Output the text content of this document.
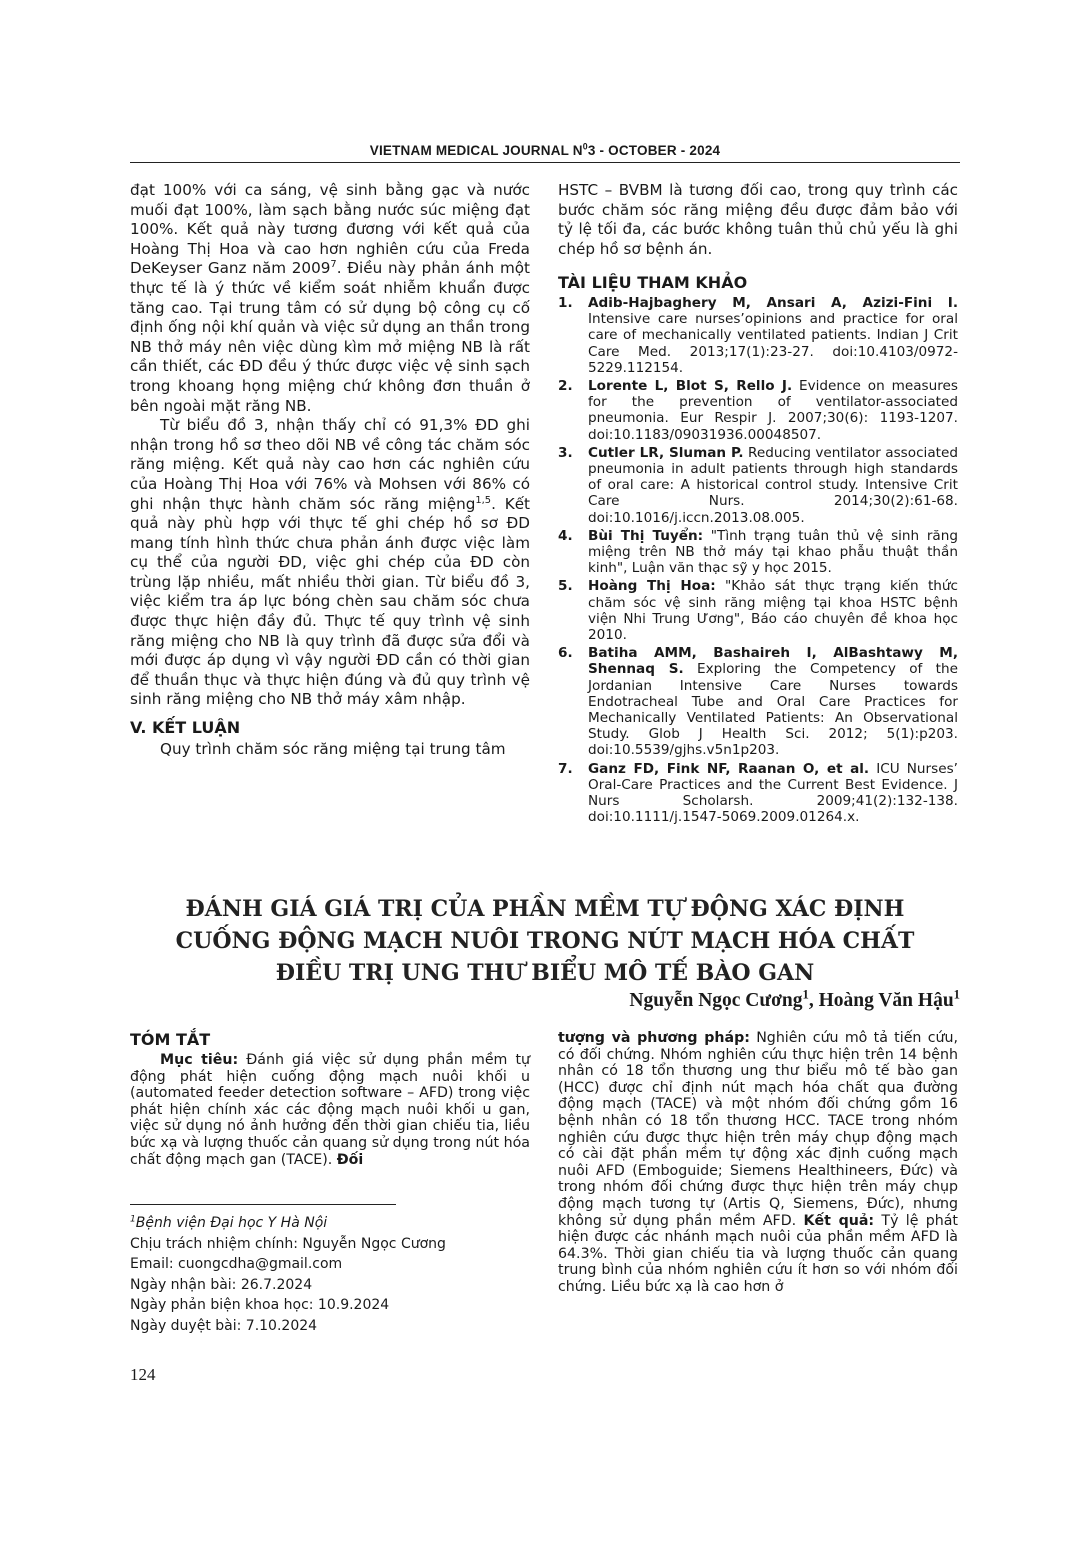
VIETNAM MEDICAL JOURNAL $N^03$ - OCTOBER - 2024

đạt 100% với ca sáng, vệ sinh bằng gạc và nước muối đạt 100%, làm sạch bằng nước súc miệng đạt 100%. Kết quả này tương đương với kết quả của Hoàng Thị Hoa và cao hơn nghiên cứu của Freda DeKeyser Ganz năm 2009$^7$. Điều này phản ánh một thực tế là ý thức về kiểm soát nhiễm khuẩn được tăng cao. Tại trung tâm có sử dụng bộ công cụ cố định ống nội khí quản và việc sử dụng an thần trong NB thở máy nên việc dùng kìm mở miệng NB là rất cần thiết, các ĐD đều ý thức được việc vệ sinh sạch trong khoang họng miệng chứ không đơn thuần ở bên ngoài mặt răng NB.

Từ biểu đồ 3, nhận thấy chỉ có 91,3% ĐD ghi nhận trong hồ sơ theo dõi NB về công tác chăm sóc răng miệng. Kết quả này cao hơn các nghiên cứu của Hoàng Thị Hoa với 76% và Mohsen với 86% có ghi nhận thực hành chăm sóc răng miệng$^{1,5}$. Kết quả này phù hợp với thực tế ghi chép hồ sơ ĐD mang tính hình thức chưa phản ánh được việc làm cụ thể của người ĐD, việc ghi chép của ĐD còn trùng lặp nhiều, mất nhiều thời gian. Từ biểu đồ 3, việc kiểm tra áp lực bóng chèn sau chăm sóc chưa được thực hiện đầy đủ. Thực tế quy trình vệ sinh răng miệng cho NB là quy trình đã được sửa đổi và mới được áp dụng vì vậy người ĐD cần có thời gian để thuần thục và thực hiện đúng và đủ quy trình vệ sinh răng miệng cho NB thở máy xâm nhập.

V. KẾT LUẬN

Quy trình chăm sóc răng miệng tại trung tâm

HSTC – BVBM là tương đối cao, trong quy trình các bước chăm sóc răng miệng đều được đảm bảo với tỷ lệ tối đa, các bước không tuân thủ chủ yếu là ghi chép hồ sơ bệnh án.

TÀI LIỆU THAM KHẢO

1.	Adib-Hajbaghery M, Ansari A, Azizi-Fini I. Intensive care nurses’opinions and practice for oral care of mechanically ventilated patients. Indian J Crit Care Med. 2013;17(1):23-27. doi:10.4103/0972-5229.112154.
2.	Lorente L, Blot S, Rello J. Evidence on measures for the prevention of ventilator-associated pneumonia. Eur Respir J. 2007;30(6): 1193-1207. doi:10.1183/09031936.00048507.
3.	Cutler LR, Sluman P. Reducing ventilator associated pneumonia in adult patients through high standards of oral care: A historical control study. Intensive Crit Care Nurs. 2014;30(2):61-68. doi:10.1016/j.iccn.2013.08.005.
4.	Bùi Thị Tuyển: "Tình trạng tuân thủ vệ sinh răng miệng trên NB thở máy tại khao phẫu thuật thần kinh", Luận văn thạc sỹ y học 2015.
5.	Hoàng Thị Hoa: "Khảo sát thực trạng kiến thức chăm sóc vệ sinh răng miệng tại khoa HSTC bệnh viện Nhi Trung Ương", Báo cáo chuyên đề khoa học 2010.
6.	Batiha AMM, Bashaireh I, AlBashtawy M, Shennaq S. Exploring the Competency of the Jordanian Intensive Care Nurses towards Endotracheal Tube and Oral Care Practices for Mechanically Ventilated Patients: An Observational Study. Glob J Health Sci. 2012; 5(1):p203. doi:10.5539/gjhs.v5n1p203.
7.	Ganz FD, Fink NF, Raanan O, et al. ICU Nurses’ Oral-Care Practices and the Current Best Evidence. J Nurs Scholarsh. 2009;41(2):132-138. doi:10.1111/j.1547-5069.2009.01264.x.
ĐÁNH GIÁ GIÁ TRỊ CỦA PHẦN MỀM TỰ ĐỘNG XÁC ĐỊNH
CUỐNG ĐỘNG MẠCH NUÔI TRONG NÚT MẠCH HÓA CHẤT
ĐIỀU TRỊ UNG THƯ BIỂU MÔ TẾ BÀO GAN
Nguyễn Ngọc Cương$^1$, Hoàng Văn Hậu$^1$
TÓM TẮT
Mục tiêu: Đánh giá việc sử dụng phần mềm tự động phát hiện cuống động mạch nuôi khối u (automated feeder detection software – AFD) trong việc phát hiện chính xác các động mạch nuôi khối u gan, việc sử dụng nó ảnh hưởng đến thời gian chiếu tia, liều bức xạ và lượng thuốc cản quang sử dụng trong nút hóa chất động mạch gan (TACE). Đối
$^1$Bệnh viện Đại học Y Hà Nội
Chịu trách nhiệm chính: Nguyễn Ngọc Cương
Email: cuongcdha@gmail.com
Ngày nhận bài: 26.7.2024
Ngày phản biện khoa học: 10.9.2024
Ngày duyệt bài: 7.10.2024
tượng và phương pháp: Nghiên cứu mô tả tiến cứu, có đối chứng. Nhóm nghiên cứu thực hiện trên 14 bệnh nhân có 18 tổn thương ung thư biểu mô tế bào gan (HCC) được chỉ định nút mạch hóa chất qua đường động mạch (TACE) và một nhóm đối chứng gồm 16 bệnh nhân có 18 tổn thương HCC. TACE trong nhóm nghiên cứu được thực hiện trên máy chụp động mạch có cài đặt phần mềm tự động xác định cuống mạch nuôi AFD (Emboguide; Siemens Healthineers, Đức) và trong nhóm đối chứng được thực hiện trên máy chụp động mạch tương tự (Artis Q, Siemens, Đức), nhưng không sử dụng phần mềm AFD. Kết quả: Tỷ lệ phát hiện được các nhánh mạch nuôi của phần mềm AFD là 64.3%. Thời gian chiếu tia và lượng thuốc cản quang trung bình của nhóm nghiên cứu ít hơn so với nhóm đối chứng. Liều bức xạ là cao hơn ở
124
